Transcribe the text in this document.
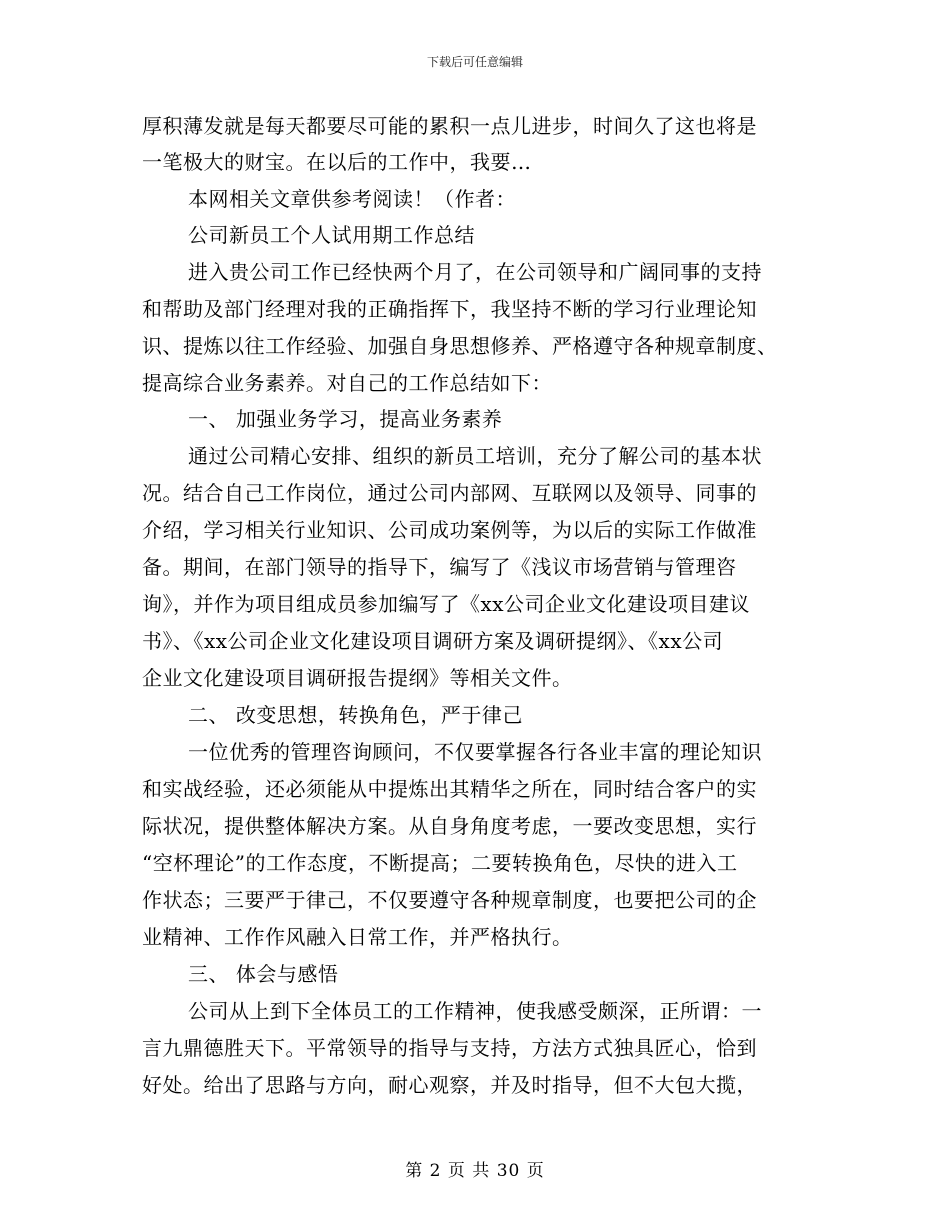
下载后可任意编辑
厚积薄发就是每天都要尽可能的累积一点儿进步，时间久了这也将是
一笔极大的财宝。在以后的工作中，我要…
本网相关文章供参考阅读！（作者：
公司新员工个人试用期工作总结
进入贵公司工作已经快两个月了，在公司领导和广阔同事的支持
和帮助及部门经理对我的正确指挥下，我坚持不断的学习行业理论知
识、提炼以往工作经验、加强自身思想修养、严格遵守各种规章制度、
提高综合业务素养。对自己的工作总结如下：
一、 加强业务学习，提高业务素养
通过公司精心安排、组织的新员工培训，充分了解公司的基本状
况。结合自己工作岗位，通过公司内部网、互联网以及领导、同事的
介绍，学习相关行业知识、公司成功案例等，为以后的实际工作做准
备。期间，在部门领导的指导下，编写了《浅议市场营销与管理咨
询》，并作为项目组成员参加编写了《xx公司企业文化建设项目建议
书》、《xx公司企业文化建设项目调研方案及调研提纲》、《xx公司
企业文化建设项目调研报告提纲》等相关文件。
二、 改变思想，转换角色，严于律己
一位优秀的管理咨询顾问，不仅要掌握各行各业丰富的理论知识
和实战经验，还必须能从中提炼出其精华之所在，同时结合客户的实
际状况，提供整体解决方案。从自身角度考虑，一要改变思想，实行
“空杯理论”的工作态度，不断提高；二要转换角色，尽快的进入工
作状态；三要严于律己，不仅要遵守各种规章制度，也要把公司的企
业精神、工作作风融入日常工作，并严格执行。
三、 体会与感悟
公司从上到下全体员工的工作精神，使我感受颇深，正所谓：一
言九鼎德胜天下。平常领导的指导与支持，方法方式独具匠心，恰到
好处。给出了思路与方向，耐心观察，并及时指导，但不大包大揽，
第 2 页 共 30 页
